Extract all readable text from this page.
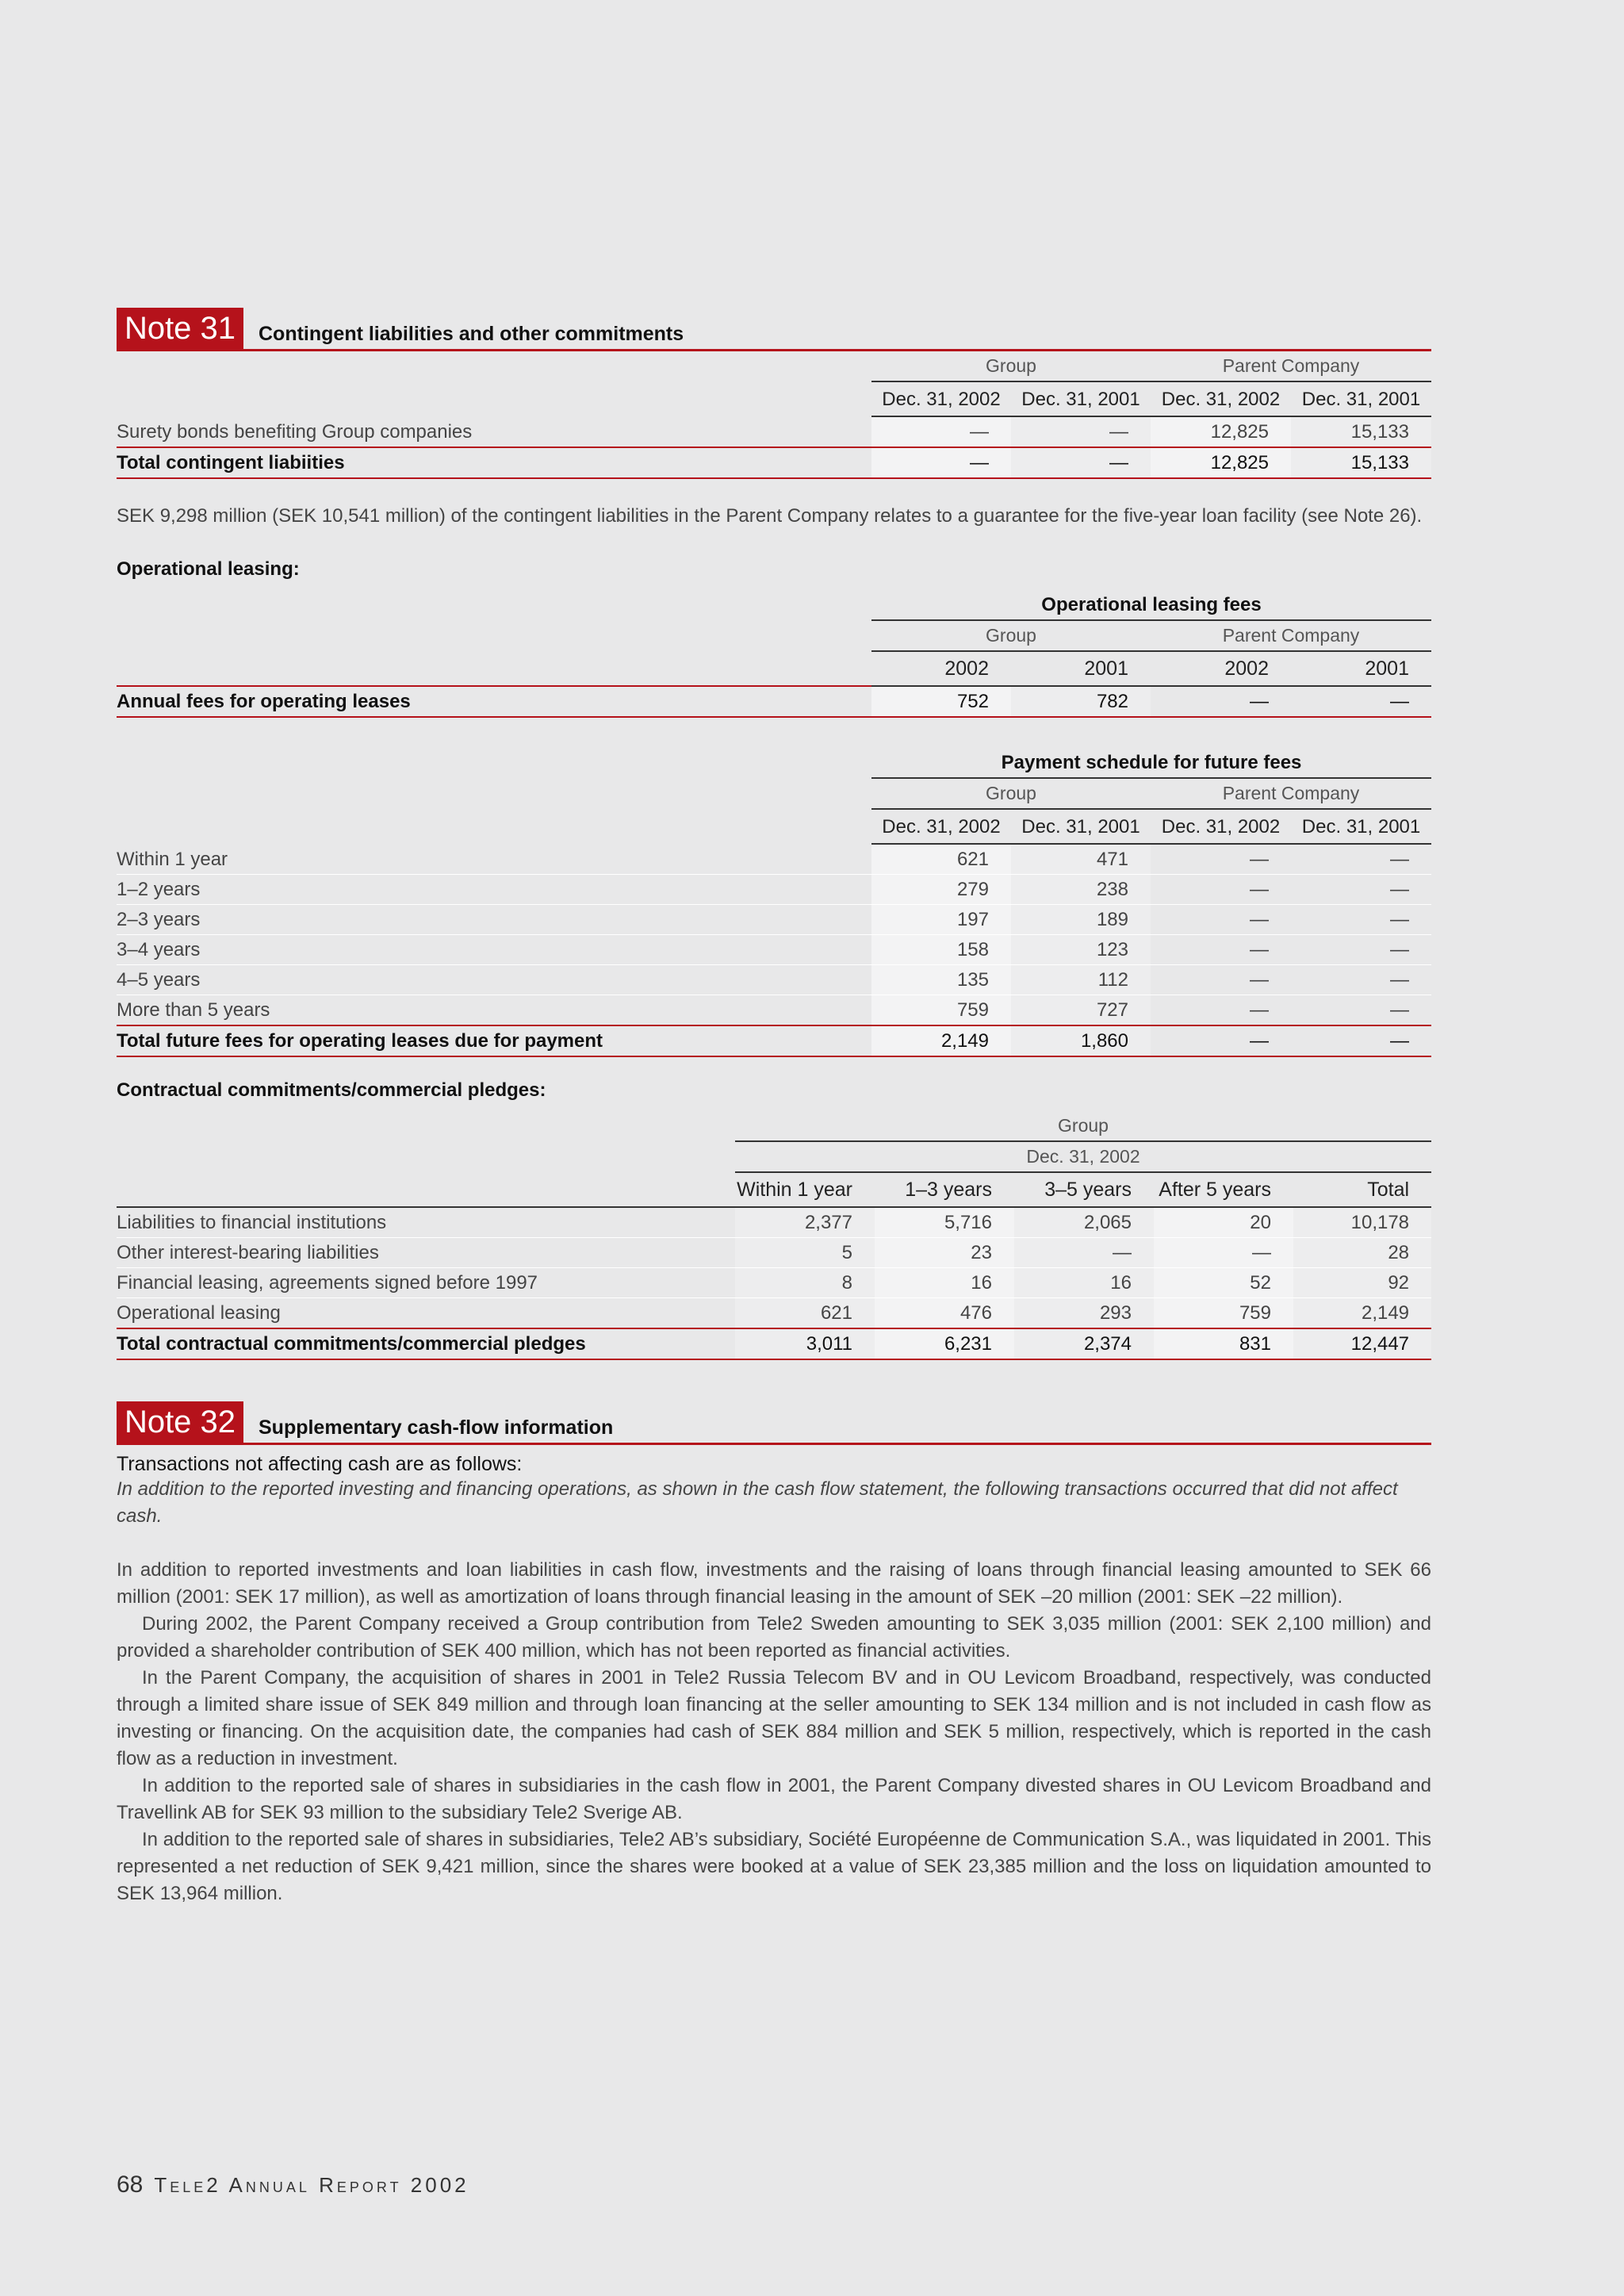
Note 31	Contingent liabilities and other commitments
	Group		Parent Company	
	Dec. 31, 2002	Dec. 31, 2001	Dec. 31, 2002	Dec. 31, 2001
Surety bonds benefiting Group companies	—	—	12,825	15,133
Total contingent liabiities	—	—	12,825	15,133

SEK 9,298 million (SEK 10,541 million) of the contingent liabilities in the Parent Company relates to a guarantee for the five-year loan facility (see Note 26).

Operational leasing:

	Operational leasing fees			
	Group		Parent Company	
	2002	2001	2002	2001
Annual fees for operating leases	752	782	—	—
	Payment schedule for future fees			
	Group		Parent Company	
	Dec. 31, 2002	Dec. 31, 2001	Dec. 31, 2002	Dec. 31, 2001
Within 1 year	621	471	—	—
1–2 years	279	238	—	—
2–3 years	197	189	—	—
3–4 years	158	123	—	—
4–5 years	135	112	—	—
More than 5 years	759	727	—	—
Total future fees for operating leases due for payment	2,149	1,860	—	—

Contractual commitments/commercial pledges:

	Group				
	Dec. 31, 2002				
	Within 1 year	1–3 years	3–5 years	After 5 years	Total
Liabilities to financial institutions	2,377	5,716	2,065	20	10,178
Other interest-bearing liabilities	5	23	—	—	28
Financial leasing, agreements signed before 1997	8	16	16	52	92
Operational leasing	621	476	293	759	2,149
Total contractual commitments/commercial pledges	3,011	6,231	2,374	831	12,447
Note 32	Supplementary cash-flow information

Transactions not affecting cash are as follows:

In addition to the reported investing and financing operations, as shown in the cash flow statement, the following transactions occurred that did not affect cash.

In addition to reported investments and loan liabilities in cash flow, investments and the raising of loans through financial leasing amounted to SEK 66 million (2001: SEK 17 million), as well as amortization of loans through financial leasing in the amount of SEK –20 million (2001: SEK –22 million).

During 2002, the Parent Company received a Group contribution from Tele2 Sweden amounting to SEK 3,035 million (2001: SEK 2,100 million) and provided a shareholder contribution of SEK 400 million, which has not been reported as financial activities.

In the Parent Company, the acquisition of shares in 2001 in Tele2 Russia Telecom BV and in OU Levicom Broadband, respectively, was conducted through a limited share issue of SEK 849 million and through loan financing at the seller amounting to SEK 134 million and is not included in cash flow as investing or financing. On the acquisition date, the companies had cash of SEK 884 million and SEK 5 million, respectively, which is reported in the cash flow as a reduction in investment.

In addition to the reported sale of shares in subsidiaries in the cash flow in 2001, the Parent Company divested shares in OU Levicom Broadband and Travellink AB for SEK 93 million to the subsidiary Tele2 Sverige AB.

In addition to the reported sale of shares in subsidiaries, Tele2 AB’s subsidiary, Société Européenne de Communication S.A., was liquidated in 2001. This represented a net reduction of SEK 9,421 million, since the shares were booked at a value of SEK 23,385 million and the loss on liquidation amounted to SEK 13,964 million.

68 Tele2 Annual Report 2002
